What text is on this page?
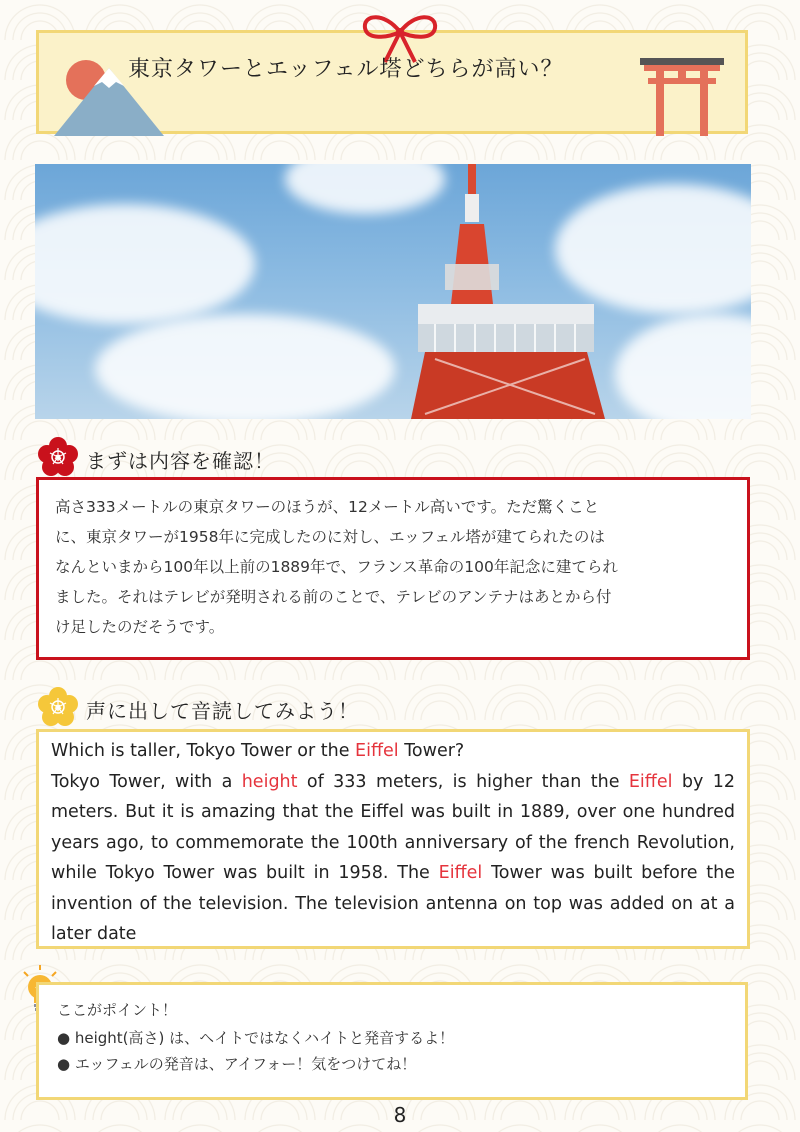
東京タワーとエッフェル塔どちらが高い？
まずは内容を確認！
高さ333メートルの東京タワーのほうが、12メートル高いです。ただ驚くこと
に、東京タワーが1958年に完成したのに対し、エッフェル塔が建てられたのは
なんといまから100年以上前の1889年で、フランス革命の100年記念に建てられ
ました。それはテレビが発明される前のことで、テレビのアンテナはあとから付
け足したのだそうです。
声に出して音読してみよう！
Which is taller, Tokyo Tower or the Eiffel Tower?
Tokyo Tower, with a height of 333 meters, is higher than the Eiffel by 12 meters. But it is amazing that the Eiffel was built in 1889, over one hundred years ago, to commemorate the 100th anniversary of the french Revolution, while Tokyo Tower was built in 1958. The Eiffel Tower was built before the invention of the television. The television antenna on top was added on at a later date
ここがポイント！
● height(高さ) は、ヘイトではなくハイトと発音するよ！
● エッフェルの発音は、アイフォー！気をつけてね！
8
